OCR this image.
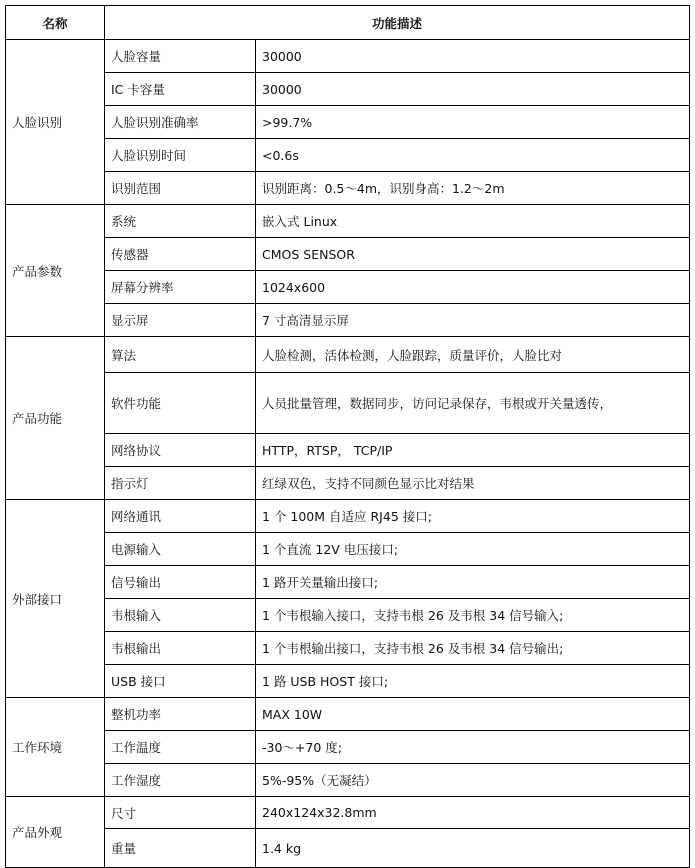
名称	功能描述	
人脸识别	人脸容量	30000
	IC 卡容量	30000
	人脸识别准确率	>99.7%
	人脸识别时间	<0.6s
	识别范围	识别距离：0.5～4m，识别身高：1.2～2m
产品参数	系统	嵌入式 Linux
	传感器	CMOS SENSOR
	屏幕分辨率	1024x600
	显示屏	7 寸高清显示屏
产品功能	算法	人脸检测，活体检测，人脸跟踪，质量评价，人脸比对
	软件功能	人员批量管理，数据同步，访问记录保存，韦根或开关量透传，
	网络协议	HTTP，RTSP， TCP/IP
	指示灯	红绿双色，支持不同颜色显示比对结果
外部接口	网络通讯	1 个 100M 自适应 RJ45 接口;
	电源输入	1 个直流 12V 电压接口;
	信号输出	1 路开关量输出接口;
	韦根输入	1 个韦根输入接口，支持韦根 26 及韦根 34 信号输入;
	韦根输出	1 个韦根输出接口，支持韦根 26 及韦根 34 信号输出;
	USB 接口	1 路 USB HOST 接口;
工作环境	整机功率	MAX 10W
	工作温度	-30～+70 度;
	工作湿度	5%-95%（无凝结）
产品外观	尺寸	240x124x32.8mm
	重量	1.4 kg
